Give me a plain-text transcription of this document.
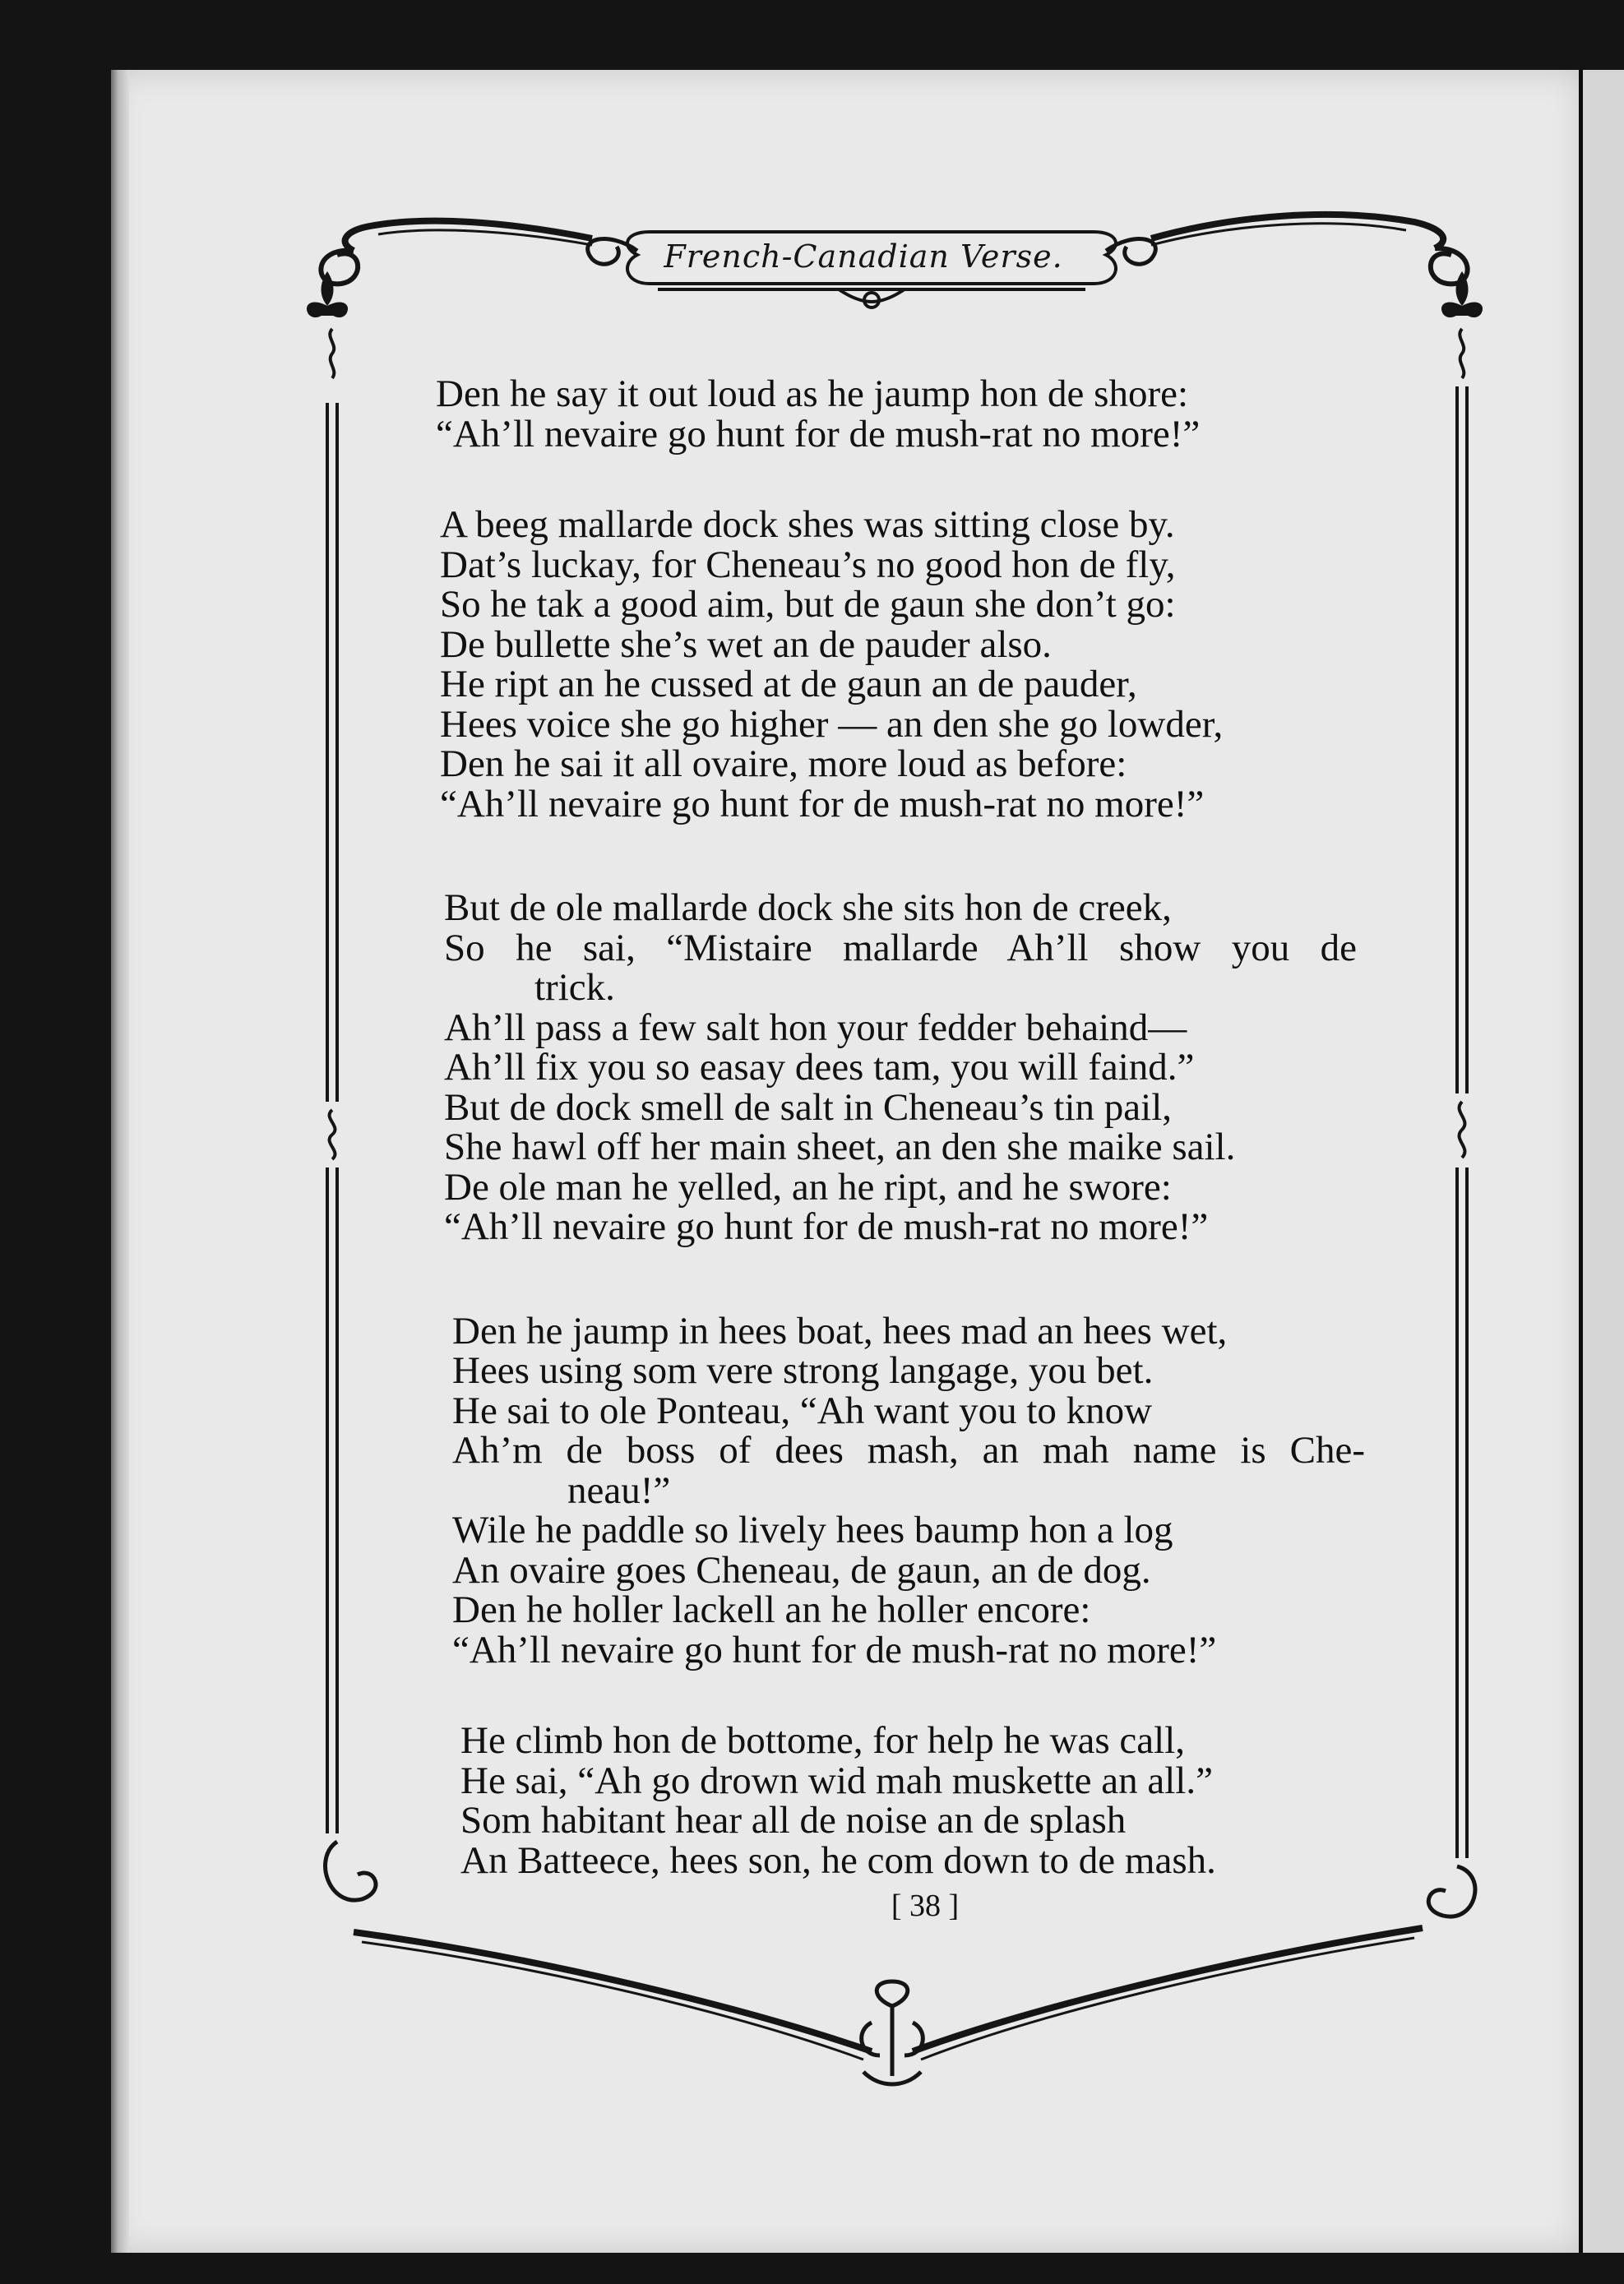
French-Canadian Verse.
Den he say it out loud as he jaump hon de shore:
“Ah’ll nevaire go hunt for de mush-rat no more!”
A beeg mallarde dock shes was sitting close by.
Dat’s luckay, for Cheneau’s no good hon de fly,
So he tak a good aim, but de gaun she don’t go:
De bullette she’s wet an de pauder also.
He ript an he cussed at de gaun an de pauder,
Hees voice she go higher — an den she go lowder,
Den he sai it all ovaire, more loud as before:
“Ah’ll nevaire go hunt for de mush-rat no more!”
But de ole mallarde dock she sits hon de creek,
So he sai, “Mistaire mallarde Ah’ll show you de
trick.
Ah’ll pass a few salt hon your fedder behaind—
Ah’ll fix you so easay dees tam, you will faind.”
But de dock smell de salt in Cheneau’s tin pail,
She hawl off her main sheet, an den she maike sail.
De ole man he yelled, an he ript, and he swore:
“Ah’ll nevaire go hunt for de mush-rat no more!”
Den he jaump in hees boat, hees mad an hees wet,
Hees using som vere strong langage, you bet.
He sai to ole Ponteau, “Ah want you to know
Ah’m de boss of dees mash, an mah name is Che-
neau!”
Wile he paddle so lively hees baump hon a log
An ovaire goes Cheneau, de gaun, an de dog.
Den he holler lackell an he holler encore:
“Ah’ll nevaire go hunt for de mush-rat no more!”
He climb hon de bottome, for help he was call,
He sai, “Ah go drown wid mah muskette an all.”
Som habitant hear all de noise an de splash
An Batteece, hees son, he com down to de mash.
[ 38 ]
